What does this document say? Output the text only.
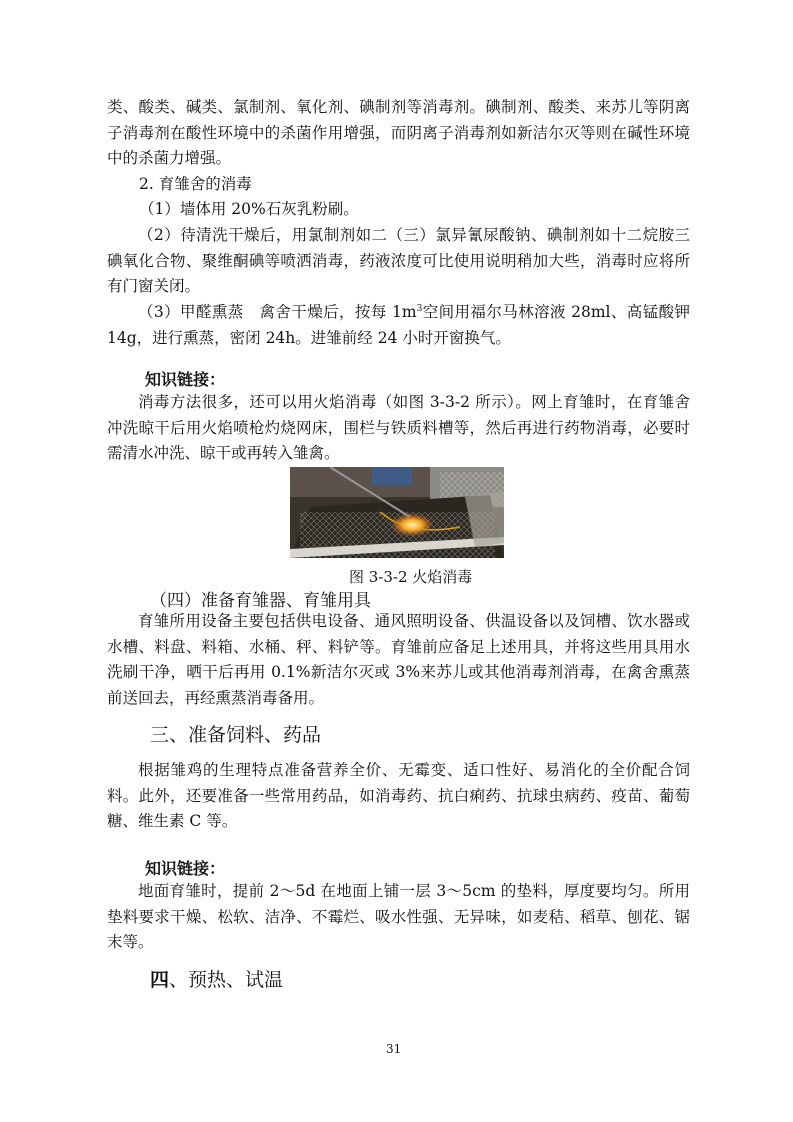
类、酸类、碱类、氯制剂、氧化剂、碘制剂等消毒剂。碘制剂、酸类、来苏儿等阴离子消毒剂在酸性环境中的杀菌作用增强，而阴离子消毒剂如新洁尔灭等则在碱性环境中的杀菌力增强。

2. 育雏舍的消毒

（1）墙体用 20%石灰乳粉刷。

（2）待清洗干燥后，用氯制剂如二（三）氯异氰尿酸钠、碘制剂如十二烷胺三碘氧化合物、聚维酮碘等喷洒消毒，药液浓度可比使用说明稍加大些，消毒时应将所有门窗关闭。

（3）甲醛熏蒸　禽舍干燥后，按每 $1m^3$空间用福尔马林溶液 28ml、高锰酸钾 14g，进行熏蒸，密闭 24h。进雏前经 24 小时开窗换气。

知识链接：

消毒方法很多，还可以用火焰消毒（如图 3-3-2 所示）。网上育雏时，在育雏舍冲洗晾干后用火焰喷枪灼烧网床，围栏与铁质料槽等，然后再进行药物消毒，必要时需清水冲洗、晾干或再转入雏禽。

图 3-3-2 火焰消毒

（四）准备育雏器、育雏用具

育雏所用设备主要包括供电设备、通风照明设备、供温设备以及饲槽、饮水器或水槽、料盘、料箱、水桶、秤、料铲等。育雏前应备足上述用具，并将这些用具用水洗刷干净，晒干后再用 0.1%新洁尔灭或 3%来苏儿或其他消毒剂消毒，在禽舍熏蒸前送回去，再经熏蒸消毒备用。

三、准备饲料、药品

根据雏鸡的生理特点准备营养全价、无霉变、适口性好、易消化的全价配合饲料。此外，还要准备一些常用药品，如消毒药、抗白痢药、抗球虫病药、疫苗、葡萄糖、维生素 C 等。

知识链接：

地面育雏时，提前 2～5d 在地面上铺一层 3～5cm 的垫料，厚度要均匀。所用垫料要求干燥、松软、洁净、不霉烂、吸水性强、无异味，如麦秸、稻草、刨花、锯末等。

四、预热、试温

31
